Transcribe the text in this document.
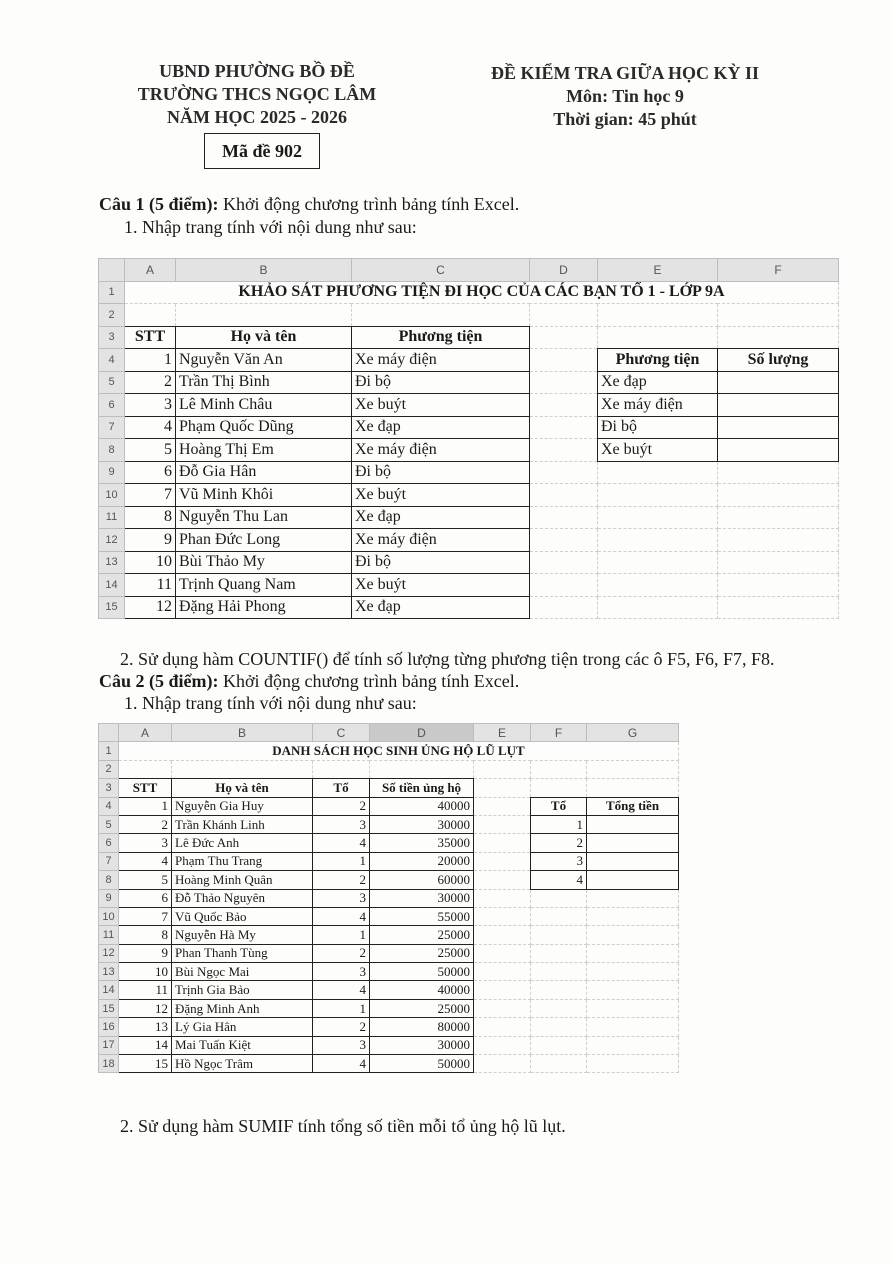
UBND PHƯỜNG BỒ ĐỀ
TRƯỜNG THCS NGỌC LÂM
NĂM HỌC 2025 - 2026
ĐỀ KIỂM TRA GIỮA HỌC KỲ II
Môn: Tin học 9
Thời gian: 45 phút
Mã đề 902
Câu 1 (5 điểm): Khởi động chương trình bảng tính Excel.
1. Nhập trang tính với nội dung như sau:
	A	B	C	D	E	F
1	KHẢO SÁT PHƯƠNG TIỆN ĐI HỌC CỦA CÁC BẠN TỔ 1 - LỚP 9A					
2						
3	STT	Họ và tên	Phương tiện			
4	1	Nguyễn Văn An	Xe máy điện		Phương tiện	Số lượng
5	2	Trần Thị Bình	Đi bộ		Xe đạp	
6	3	Lê Minh Châu	Xe buýt		Xe máy điện	
7	4	Phạm Quốc Dũng	Xe đạp		Đi bộ	
8	5	Hoàng Thị Em	Xe máy điện		Xe buýt	
9	6	Đỗ Gia Hân	Đi bộ			
10	7	Vũ Minh Khôi	Xe buýt			
11	8	Nguyễn Thu Lan	Xe đạp			
12	9	Phan Đức Long	Xe máy điện			
13	10	Bùi Thảo My	Đi bộ			
14	11	Trịnh Quang Nam	Xe buýt			
15	12	Đặng Hải Phong	Xe đạp			
2. Sử dụng hàm COUNTIF() để tính số lượng từng phương tiện trong các ô F5, F6, F7, F8.
Câu 2 (5 điểm): Khởi động chương trình bảng tính Excel.
1. Nhập trang tính với nội dung như sau:
	A	B	C	D	E	F	G	
1	DANH SÁCH HỌC SINH ỦNG HỘ LŨ LỤT							
2								
3	STT	Họ và tên	Tổ	Số tiền ủng hộ				
4	1	Nguyễn Gia Huy	2	40000		Tổ	Tổng tiền	
5	2	Trần Khánh Linh	3	30000		1		
6	3	Lê Đức Anh	4	35000		2		
7	4	Phạm Thu Trang	1	20000		3		
8	5	Hoàng Minh Quân	2	60000		4		
9	6	Đỗ Thảo Nguyên	3	30000				
10	7	Vũ Quốc Bảo	4	55000				
11	8	Nguyễn Hà My	1	25000				
12	9	Phan Thanh Tùng	2	25000				
13	10	Bùi Ngọc Mai	3	50000				
14	11	Trịnh Gia Bảo	4	40000				
15	12	Đặng Minh Anh	1	25000				
16	13	Lý Gia Hân	2	80000				
17	14	Mai Tuấn Kiệt	3	30000				
18	15	Hồ Ngọc Trâm	4	50000				
2. Sử dụng hàm SUMIF tính tổng số tiền mỗi tổ ủng hộ lũ lụt.
